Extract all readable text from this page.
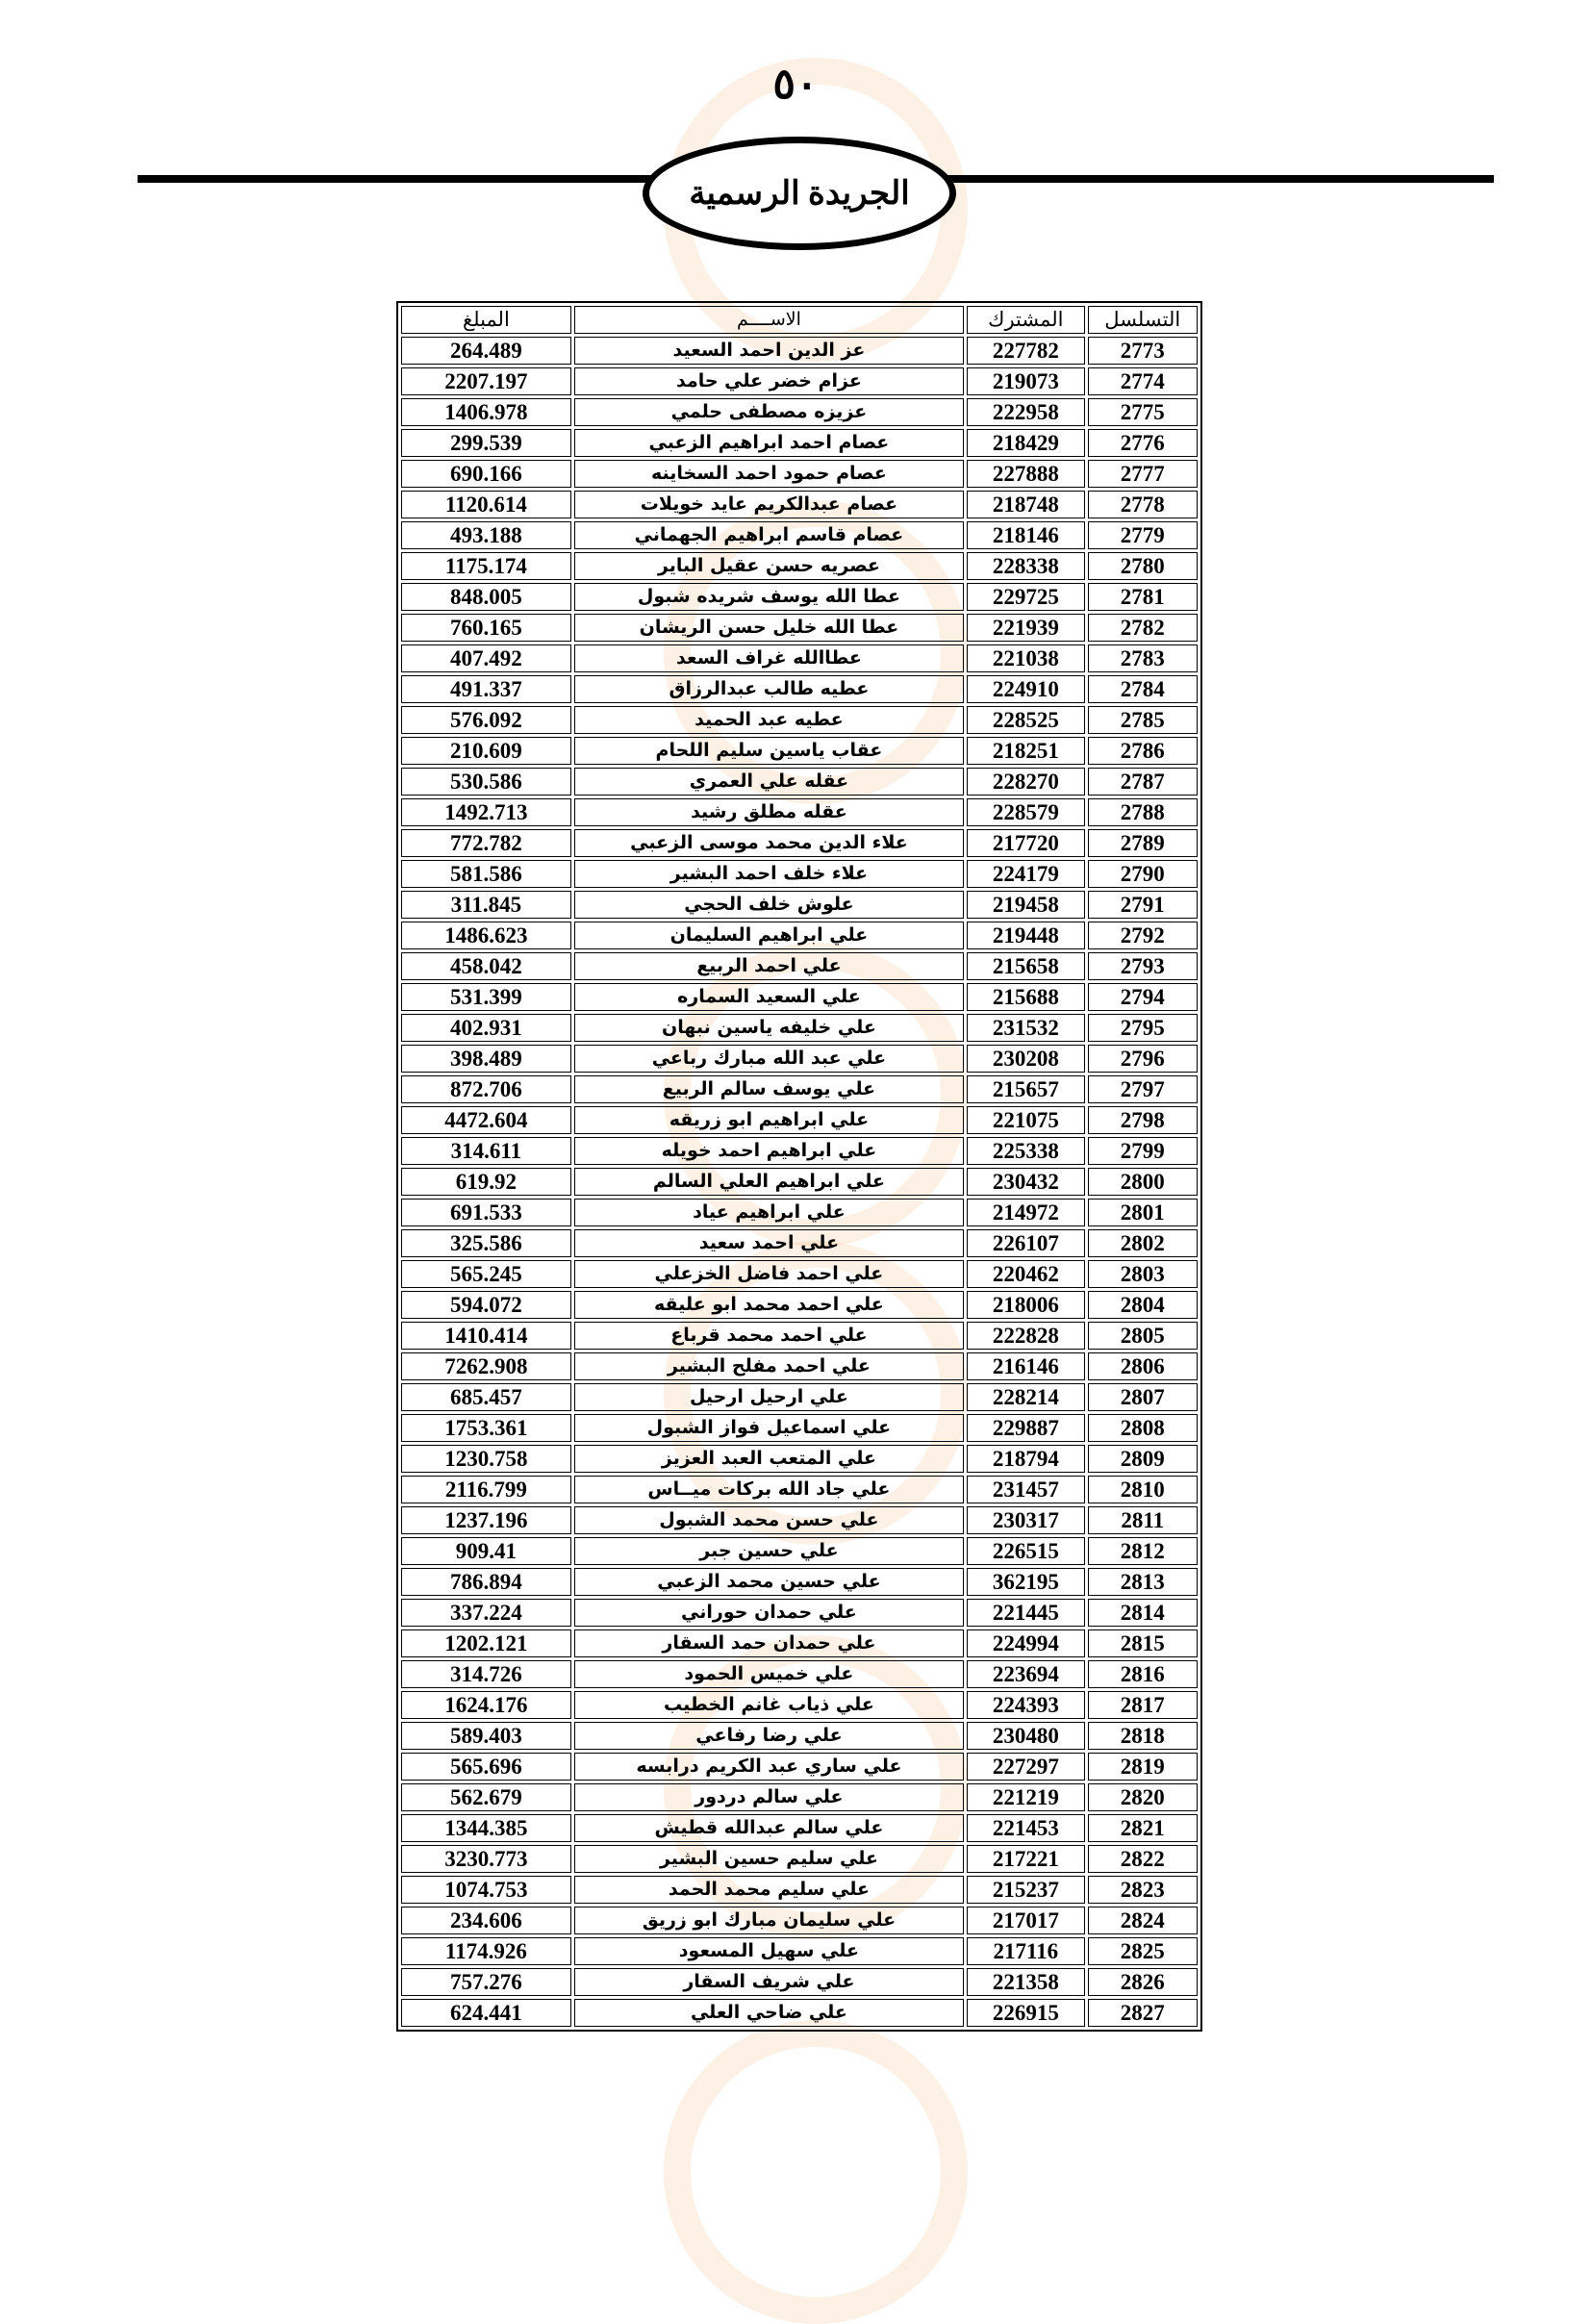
٥٠
الجريدة الرسمية
التسلسل	المشترك	الاســــم	المبلغ
2773	227782	عز الدين احمد السعيد	264.489
2774	219073	عزام خضر علي حامد	2207.197
2775	222958	عزيزه مصطفى حلمي	1406.978
2776	218429	عصام احمد ابراهيم الزعبي	299.539
2777	227888	عصام حمود احمد السخاينه	690.166
2778	218748	عصام عبدالكريم عايد خويلات	1120.614
2779	218146	عصام قاسم ابراهيم الجهماني	493.188
2780	228338	عصريه حسن عقيل الباير	1175.174
2781	229725	عطا الله يوسف شريده شبول	848.005
2782	221939	عطا الله خليل حسن الريشان	760.165
2783	221038	عطاالله غراف السعد	407.492
2784	224910	عطيه طالب عبدالرزاق	491.337
2785	228525	عطيه عبد الحميد	576.092
2786	218251	عقاب ياسين سليم اللحام	210.609
2787	228270	عقله علي العمري	530.586
2788	228579	عقله مطلق رشيد	1492.713
2789	217720	علاء الدين محمد موسى الزعبي	772.782
2790	224179	علاء خلف احمد البشير	581.586
2791	219458	علوش خلف الحجي	311.845
2792	219448	علي ابراهيم السليمان	1486.623
2793	215658	علي احمد الربيع	458.042
2794	215688	علي السعيد السماره	531.399
2795	231532	علي خليفه ياسين نبهان	402.931
2796	230208	علي عبد الله مبارك رباعي	398.489
2797	215657	علي يوسف سالم الربيع	872.706
2798	221075	علي ابراهيم ابو زريقه	4472.604
2799	225338	علي ابراهيم احمد خويله	314.611
2800	230432	علي ابراهيم العلي السالم	619.92
2801	214972	علي ابراهيم عياد	691.533
2802	226107	علي احمد سعيد	325.586
2803	220462	علي احمد فاضل الخزعلي	565.245
2804	218006	علي احمد محمد ابو عليقه	594.072
2805	222828	علي احمد محمد قرباع	1410.414
2806	216146	علي احمد مفلح البشير	7262.908
2807	228214	علي ارحيل ارحيل	685.457
2808	229887	علي اسماعيل فواز الشبول	1753.361
2809	218794	علي المتعب العبد العزيز	1230.758
2810	231457	علي جاد الله بركات ميــاس	2116.799
2811	230317	علي حسن محمد الشبول	1237.196
2812	226515	علي حسين جبر	909.41
2813	362195	علي حسين محمد الزعبي	786.894
2814	221445	علي حمدان حوراني	337.224
2815	224994	علي حمدان حمد السقار	1202.121
2816	223694	علي خميس الحمود	314.726
2817	224393	علي ذياب غانم الخطيب	1624.176
2818	230480	علي رضا رفاعي	589.403
2819	227297	علي ساري عبد الكريم درابسه	565.696
2820	221219	علي سالم دردور	562.679
2821	221453	علي سالم عبدالله قطيش	1344.385
2822	217221	علي سليم حسين البشير	3230.773
2823	215237	علي سليم محمد الحمد	1074.753
2824	217017	علي سليمان مبارك ابو زريق	234.606
2825	217116	علي سهيل المسعود	1174.926
2826	221358	علي شريف السقار	757.276
2827	226915	علي ضاحي العلي	624.441
